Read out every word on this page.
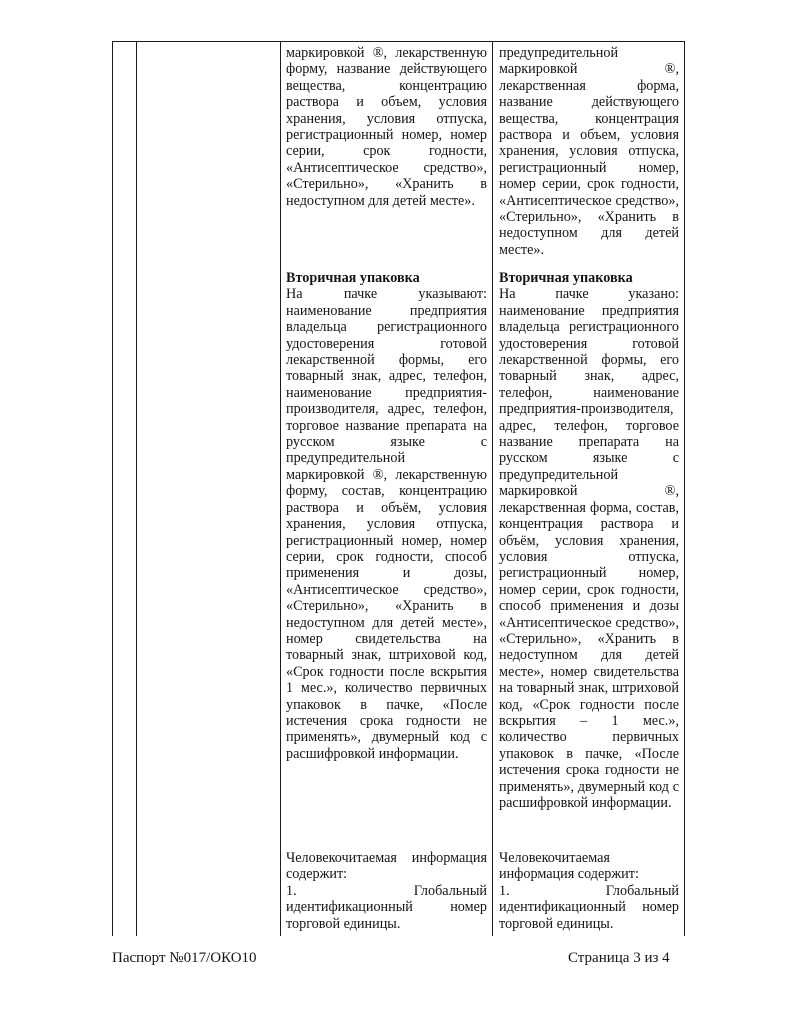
маркировкой ®, лекарственную форму, название действующего вещества, концентрацию раствора и объем, условия хранения, условия отпуска, регистрационный номер, номер серии, срок годности, «Антисептическое средство», «Стерильно», «Хранить в недоступном для детей месте».

Вторичная упаковка

На пачке указывают: наименование предприятия владельца регистрационного удостоверения готовой лекарственной формы, его товарный знак, адрес, телефон, наименование предприятия-производителя, адрес, телефон, торговое название препарата на русском языке с предупредительной маркировкой ®, лекарственную форму, состав, концентрацию раствора и объём, условия хранения, условия отпуска, регистрационный номер, номер серии, срок годности, способ применения и дозы, «Антисептическое средство», «Стерильно», «Хранить в недоступном для детей месте», номер свидетельства на товарный знак, штриховой код, «Срок годности после вскрытия 1 мес.», количество первичных упаковок в пачке, «После истечения срока годности не применять», двумерный код с расшифровкой информации.

Человекочитаемая информация содержит:

1. Глобальный идентификационный номер торговой единицы.

предупредительной маркировкой ®, лекарственная форма, название действующего вещества, концентрация раствора и объем, условия хранения, условия отпуска, регистрационный номер, номер серии, срок годности, «Антисептическое средство», «Стерильно», «Хранить в недоступном для детей месте».

Вторичная упаковка

На пачке указано: наименование предприятия владельца регистрационного удостоверения готовой лекарственной формы, его товарный знак, адрес, телефон, наименование предприятия-производителя, адрес, телефон, торговое название препарата на русском языке с предупредительной маркировкой ®, лекарственная форма, состав, концентрация раствора и объём, условия хранения, условия отпуска, регистрационный номер, номер серии, срок годности, способ применения и дозы «Антисептическое средство», «Стерильно», «Хранить в недоступном для детей месте», номер свидетельства на товарный знак, штриховой код, «Срок годности после вскрытия – 1 мес.», количество первичных упаковок в пачке, «После истечения срока годности не применять», двумерный код с расшифровкой информации.

Человекочитаемая информация содержит:

1. Глобальный идентификационный номер торговой единицы.

Паспорт №017/ОКО10	Страница 3 из 4
